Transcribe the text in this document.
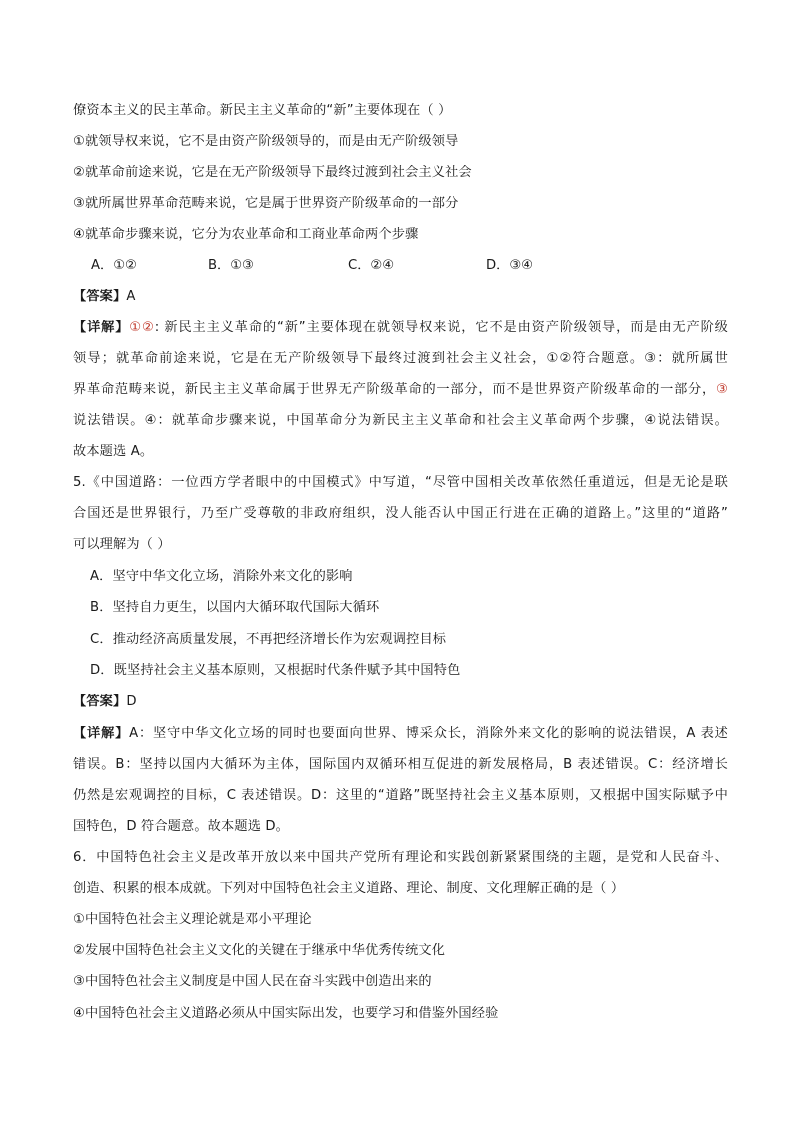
僚资本主义的民主革命。新民主主义革命的“新”主要体现在（ ）
①就领导权来说，它不是由资产阶级领导的，而是由无产阶级领导
②就革命前途来说，它是在无产阶级领导下最终过渡到社会主义社会
③就所属世界革命范畴来说，它是属于世界资产阶级革命的一部分
④就革命步骤来说，它分为农业革命和工商业革命两个步骤
A．①②	B．①③	C．②④	D．③④
【答案】A
【详解】①②: 新民主主义革命的“新”主要体现在就领导权来说，它不是由资产阶级领导，而是由无产阶级
领导；就革命前途来说，它是在无产阶级领导下最终过渡到社会主义社会，①②符合题意。③：就所属世
界革命范畴来说，新民主主义革命属于世界无产阶级革命的一部分，而不是世界资产阶级革命的一部分，③
说法错误。④：就革命步骤来说，中国革命分为新民主主义革命和社会主义革命两个步骤，④说法错误。
故本题选 A。
5.《中国道路：一位西方学者眼中的中国模式》中写道，“尽管中国相关改革依然任重道远，但是无论是联
合国还是世界银行，乃至广受尊敬的非政府组织，没人能否认中国正行进在正确的道路上。”这里的“道路”
可以理解为（ ）
A．坚守中华文化立场，消除外来文化的影响
B．坚持自力更生，以国内大循环取代国际大循环
C．推动经济高质量发展，不再把经济增长作为宏观调控目标
D．既坚持社会主义基本原则，又根据时代条件赋予其中国特色
【答案】D
【详解】A：坚守中华文化立场的同时也要面向世界、博采众长，消除外来文化的影响的说法错误，A 表述
错误。B：坚持以国内大循环为主体，国际国内双循环相互促进的新发展格局，B 表述错误。C：经济增长
仍然是宏观调控的目标，C 表述错误。D：这里的“道路”既坚持社会主义基本原则，又根据中国实际赋予中
国特色，D 符合题意。故本题选 D。
6．中国特色社会主义是改革开放以来中国共产党所有理论和实践创新紧紧围绕的主题，是党和人民奋斗、
创造、积累的根本成就。下列对中国特色社会主义道路、理论、制度、文化理解正确的是（ ）
①中国特色社会主义理论就是邓小平理论
②发展中国特色社会主义文化的关键在于继承中华优秀传统文化
③中国特色社会主义制度是中国人民在奋斗实践中创造出来的
④中国特色社会主义道路必须从中国实际出发，也要学习和借鉴外国经验
